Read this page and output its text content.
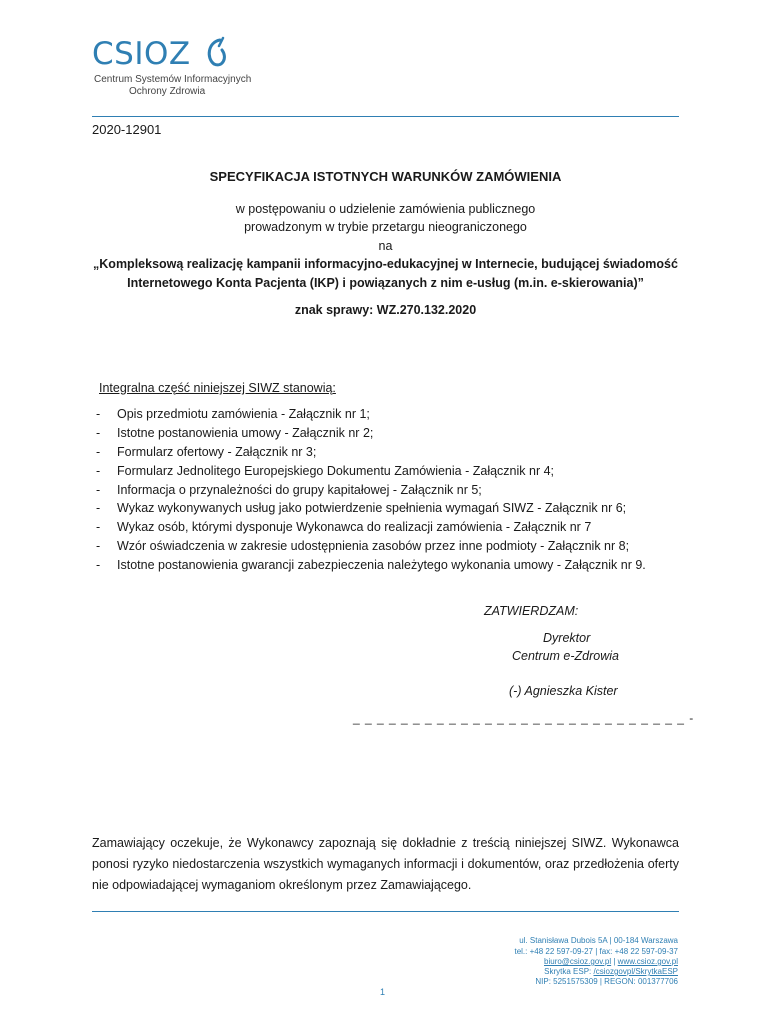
CSIOZ
Centrum Systemów Informacyjnych
Ochrony Zdrowia
2020-12901
SPECYFIKACJA ISTOTNYCH WARUNKÓW ZAMÓWIENIA
w postępowaniu o udzielenie zamówienia publicznego
prowadzonym w trybie przetargu nieograniczonego
na
„Kompleksową realizację kampanii informacyjno-edukacyjnej w Internecie, budującej świadomość
Internetowego Konta Pacjenta (IKP) i powiązanych z nim e-usług (m.in. e-skierowania)”
znak sprawy: WZ.270.132.2020
Integralna część niniejszej SIWZ stanowią:
- Opis przedmiotu zamówienia - Załącznik nr 1;
- Istotne postanowienia umowy - Załącznik nr 2;
- Formularz ofertowy - Załącznik nr 3;
- Formularz Jednolitego Europejskiego Dokumentu Zamówienia - Załącznik nr 4;
- Informacja o przynależności do grupy kapitałowej - Załącznik nr 5;
- Wykaz wykonywanych usług jako potwierdzenie spełnienia wymagań SIWZ - Załącznik nr 6;
- Wykaz osób, którymi dysponuje Wykonawca do realizacji zamówienia - Załącznik nr 7
- Wzór oświadczenia w zakresie udostępnienia zasobów przez inne podmioty - Załącznik nr 8;
- Istotne postanowienia gwarancji zabezpieczenia należytego wykonania umowy - Załącznik nr 9.
ZATWIERDZAM:
Dyrektor
Centrum e-Zdrowia
(-) Agnieszka Kister
_ _ _ _ _ _ _ _ _ _ _ _ _ _ _ _ _ _ _ _ _ _ _ _ _ _ _ _ -
Zamawiający oczekuje, że Wykonawcy zapoznają się dokładnie z treścią niniejszej SIWZ. Wykonawca ponosi ryzyko niedostarczenia wszystkich wymaganych informacji i dokumentów, oraz przedłożenia oferty nie odpowiadającej wymaganiom określonym przez Zamawiającego.
ul. Stanisława Dubois 5A | 00-184 Warszawa
tel.: +48 22 597-09-27 | fax: +48 22 597-09-37
biuro@csioz.gov.pl | www.csioz.gov.pl
Skrytka ESP: /csiozgovpl/SkrytkaESP
NIP: 5251575309 | REGON: 001377706
1
